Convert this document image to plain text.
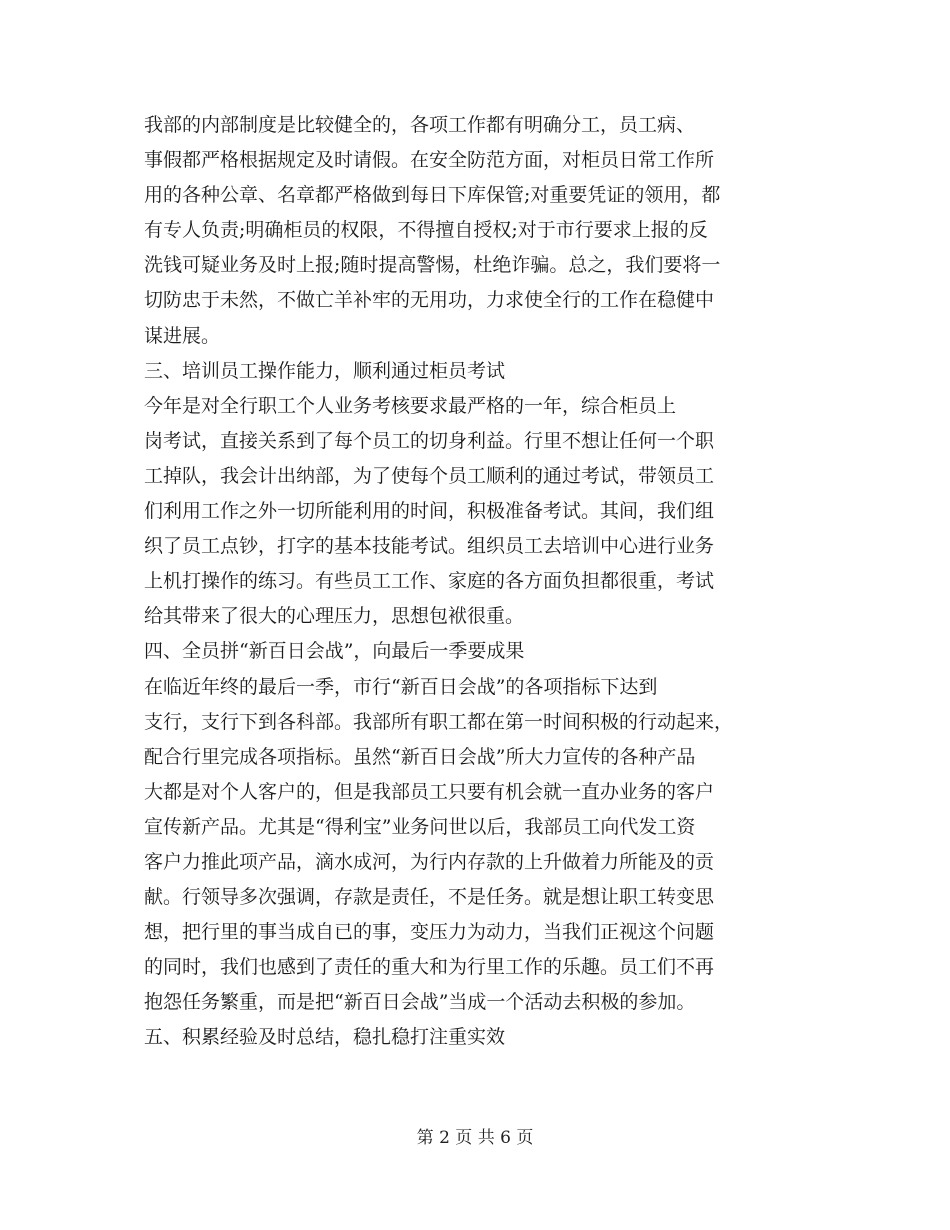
我部的内部制度是比较健全的，各项工作都有明确分工，员工病、
事假都严格根据规定及时请假。在安全防范方面，对柜员日常工作所
用的各种公章、名章都严格做到每日下库保管;对重要凭证的领用，都
有专人负责;明确柜员的权限，不得擅自授权;对于市行要求上报的反
洗钱可疑业务及时上报;随时提高警惕，杜绝诈骗。总之，我们要将一
切防忠于未然，不做亡羊补牢的无用功，力求使全行的工作在稳健中
谋进展。
三、培训员工操作能力，顺利通过柜员考试
今年是对全行职工个人业务考核要求最严格的一年，综合柜员上
岗考试，直接关系到了每个员工的切身利益。行里不想让任何一个职
工掉队，我会计出纳部，为了使每个员工顺利的通过考试，带领员工
们利用工作之外一切所能利用的时间，积极准备考试。其间，我们组
织了员工点钞，打字的基本技能考试。组织员工去培训中心进行业务
上机打操作的练习。有些员工工作、家庭的各方面负担都很重，考试
给其带来了很大的心理压力，思想包袱很重。
四、全员拼“新百日会战”，向最后一季要成果
在临近年终的最后一季，市行“新百日会战”的各项指标下达到
支行，支行下到各科部。我部所有职工都在第一时间积极的行动起来，
配合行里完成各项指标。虽然“新百日会战”所大力宣传的各种产品
大都是对个人客户的，但是我部员工只要有机会就一直办业务的客户
宣传新产品。尤其是“得利宝”业务问世以后，我部员工向代发工资
客户力推此项产品，滴水成河，为行内存款的上升做着力所能及的贡
献。行领导多次强调，存款是责任，不是任务。就是想让职工转变思
想，把行里的事当成自已的事，变压力为动力，当我们正视这个问题
的同时，我们也感到了责任的重大和为行里工作的乐趣。员工们不再
抱怨任务繁重，而是把“新百日会战”当成一个活动去积极的参加。
五、积累经验及时总结，稳扎稳打注重实效
第 2 页 共 6 页
